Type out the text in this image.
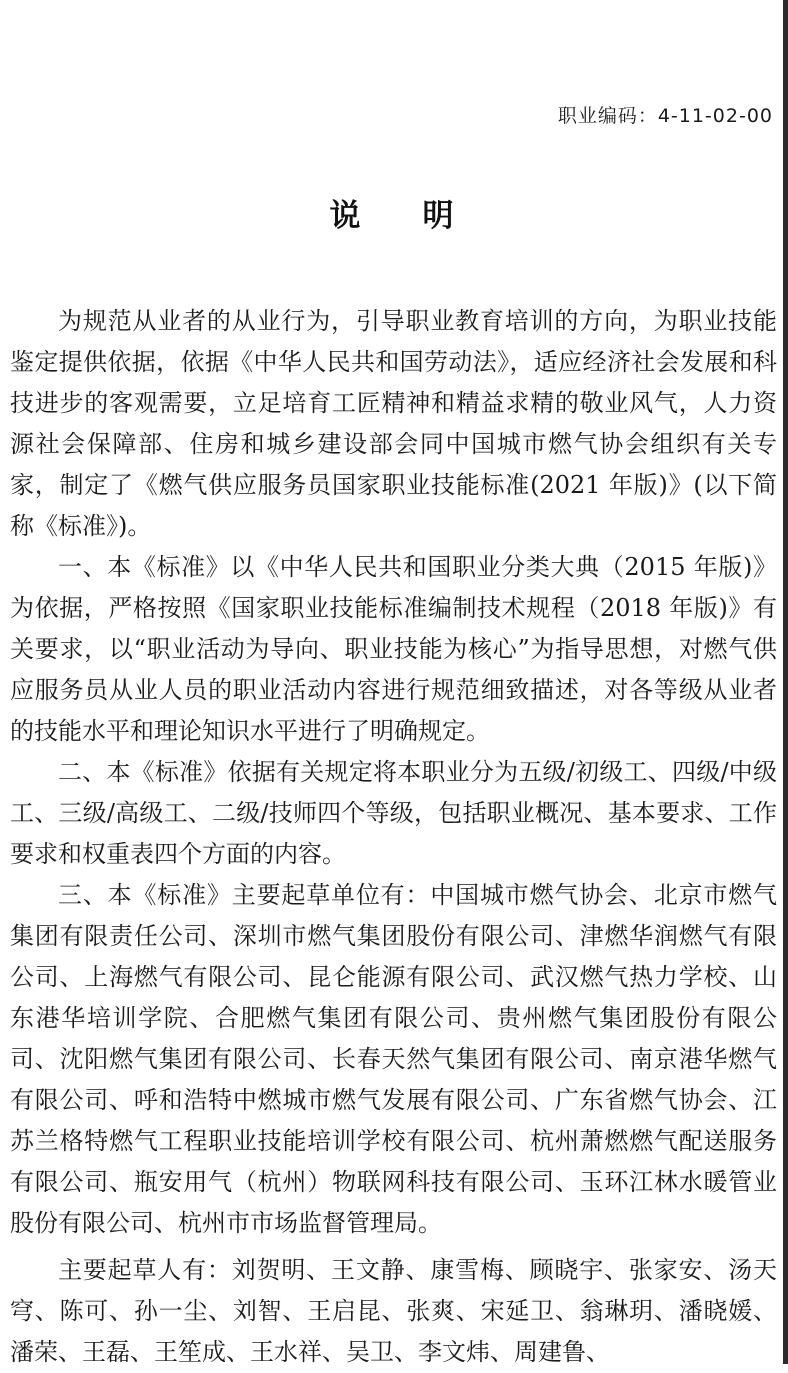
职业编码：4-11-02-00
说明

为规范从业者的从业行为，引导职业教育培训的方向，为职业技能鉴定提供依据，依据《中华人民共和国劳动法》，适应经济社会发展和科技进步的客观需要，立足培育工匠精神和精益求精的敬业风气，人力资源社会保障部、住房和城乡建设部会同中国城市燃气协会组织有关专家，制定了《燃气供应服务员国家职业技能标准(2021 年版)》(以下简称《标准》)。

一、本《标准》以《中华人民共和国职业分类大典（2015 年版)》为依据，严格按照《国家职业技能标准编制技术规程（2018 年版)》有关要求，以“职业活动为导向、职业技能为核心”为指导思想，对燃气供应服务员从业人员的职业活动内容进行规范细致描述，对各等级从业者的技能水平和理论知识水平进行了明确规定。

二、本《标准》依据有关规定将本职业分为五级/初级工、四级/中级工、三级/高级工、二级/技师四个等级，包括职业概况、基本要求、工作要求和权重表四个方面的内容。

三、本《标准》主要起草单位有：中国城市燃气协会、北京市燃气集团有限责任公司、深圳市燃气集团股份有限公司、津燃华润燃气有限公司、上海燃气有限公司、昆仑能源有限公司、武汉燃气热力学校、山东港华培训学院、合肥燃气集团有限公司、贵州燃气集团股份有限公司、沈阳燃气集团有限公司、长春天然气集团有限公司、南京港华燃气有限公司、呼和浩特中燃城市燃气发展有限公司、广东省燃气协会、江苏兰格特燃气工程职业技能培训学校有限公司、杭州萧燃燃气配送服务有限公司、瓶安用气（杭州）物联网科技有限公司、玉环江林水暖管业股份有限公司、杭州市市场监督管理局。

主要起草人有：刘贺明、王文静、康雪梅、顾晓宇、张家安、汤天穹、陈可、孙一尘、刘智、王启昆、张爽、宋延卫、翁琳玥、潘晓媛、潘荣、王磊、王笙成、王水祥、吴卫、李文炜、周建鲁、
